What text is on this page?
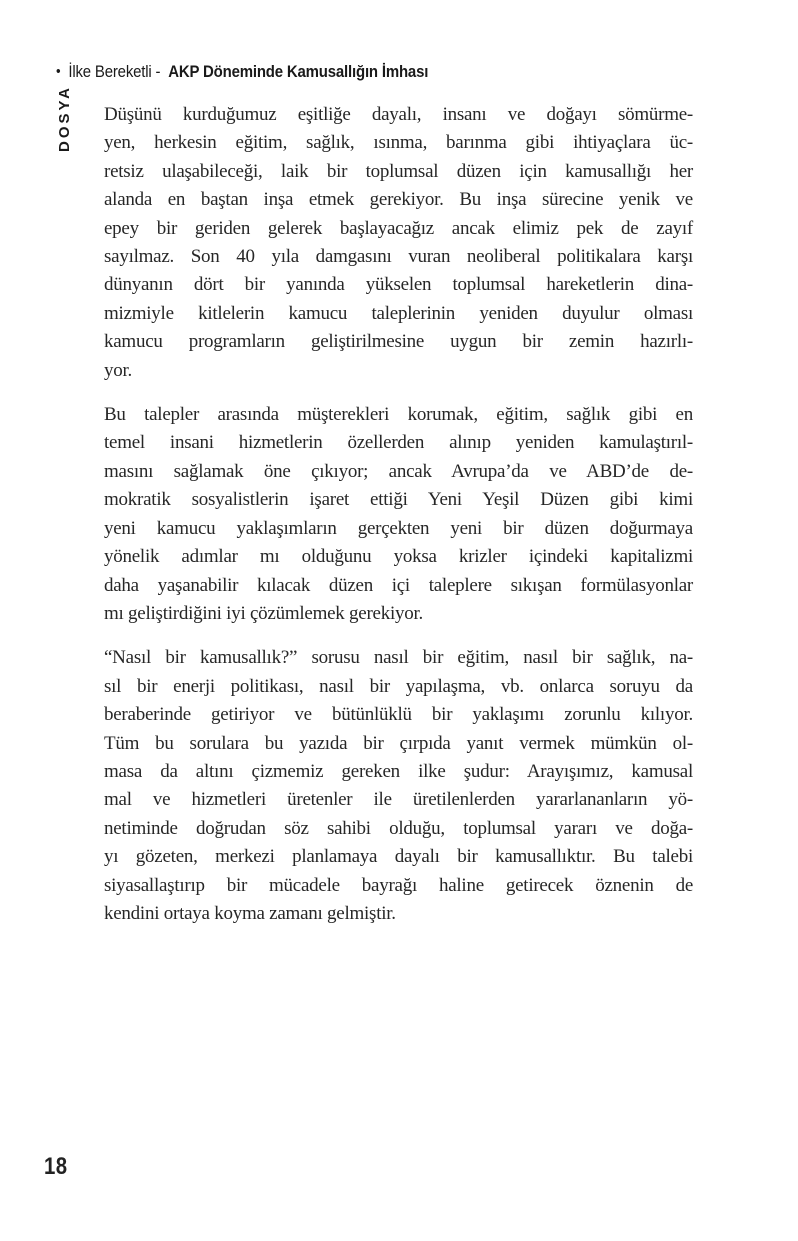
• İlke Bereketli - AKP Döneminde Kamusallığın İmhası
DOSYA Düşünü kurduğumuz eşitliğe dayalı, insanı ve doğayı sömürme-
yen, herkesin eğitim, sağlık, ısınma, barınma gibi ihtiyaçlara üc-
retsiz ulaşabileceği, laik bir toplumsal düzen için kamusallığı her
alanda en baştan inşa etmek gerekiyor. Bu inşa sürecine yenik ve
epey bir geriden gelerek başlayacağız ancak elimiz pek de zayıf
sayılmaz. Son 40 yıla damgasını vuran neoliberal politikalara karşı
dünyanın dört bir yanında yükselen toplumsal hareketlerin dina-
mizmiyle kitlelerin kamucu taleplerinin yeniden duyulur olması
kamucu programların geliştirilmesine uygun bir zemin hazırlı-
yor.
Bu talepler arasında müşterekleri korumak, eğitim, sağlık gibi en
temel insani hizmetlerin özellerden alınıp yeniden kamulaştırıl-
masını sağlamak öne çıkıyor; ancak Avrupa’da ve ABD’de de-
mokratik sosyalistlerin işaret ettiği Yeni Yeşil Düzen gibi kimi
yeni kamucu yaklaşımların gerçekten yeni bir düzen doğurmaya
yönelik adımlar mı olduğunu yoksa krizler içindeki kapitalizmi
daha yaşanabilir kılacak düzen içi taleplere sıkışan formülasyonlar
mı geliştirdiğini iyi çözümlemek gerekiyor.
“Nasıl bir kamusallık?” sorusu nasıl bir eğitim, nasıl bir sağlık, na-
sıl bir enerji politikası, nasıl bir yapılaşma, vb. onlarca soruyu da
beraberinde getiriyor ve bütünlüklü bir yaklaşımı zorunlu kılıyor.
Tüm bu sorulara bu yazıda bir çırpıda yanıt vermek mümkün ol-
masa da altını çizmemiz gereken ilke şudur: Arayışımız, kamusal
mal ve hizmetleri üretenler ile üretilenlerden yararlananların yö-
netiminde doğrudan söz sahibi olduğu, toplumsal yararı ve doğa-
yı gözeten, merkezi planlamaya dayalı bir kamusallıktır. Bu talebi
siyasallaştırıp bir mücadele bayrağı haline getirecek öznenin de
kendini ortaya koyma zamanı gelmiştir.
18
